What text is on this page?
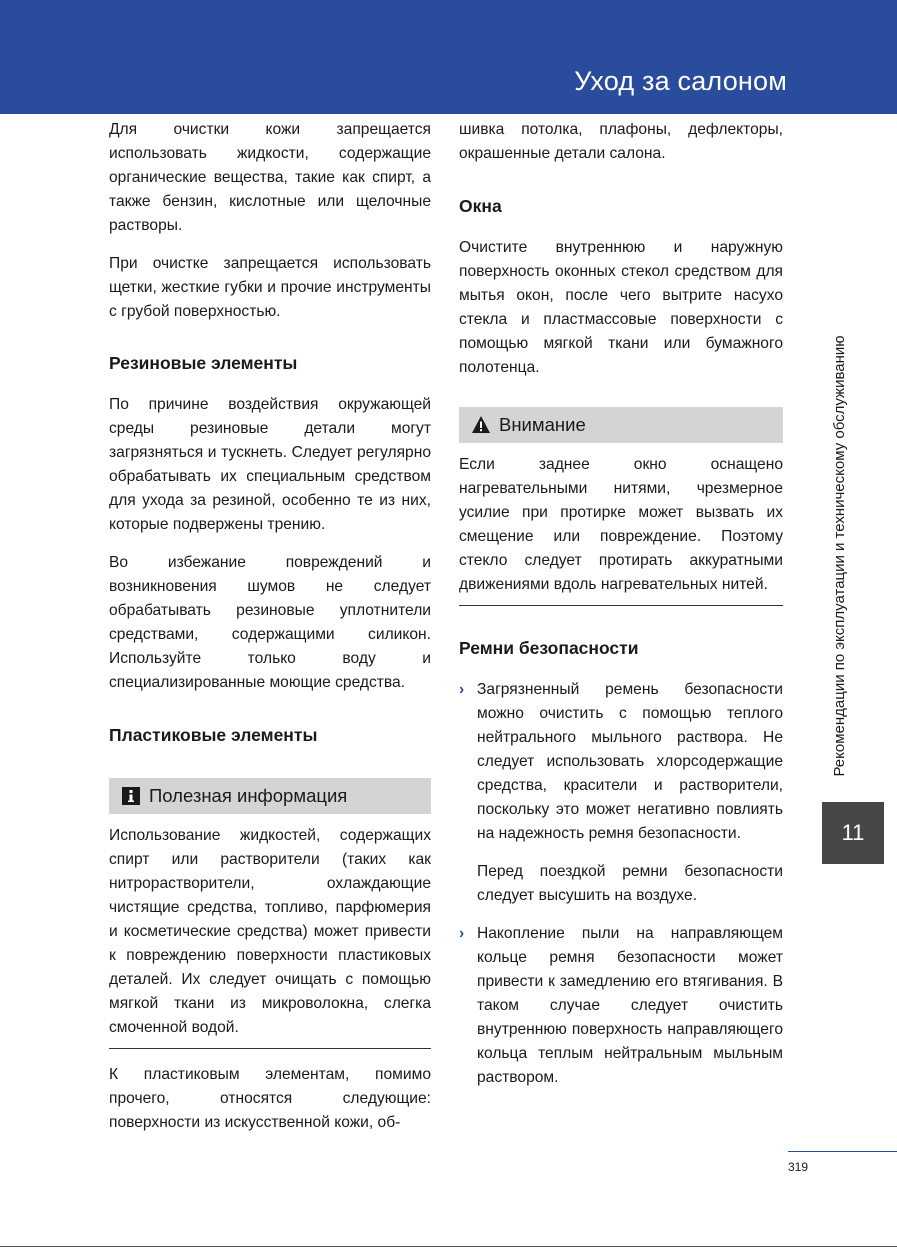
Уход за салоном

Для очистки кожи запрещается использовать жидкости, содержащие органические вещества, такие как спирт, а также бензин, кислотные или щелочные растворы.

При очистке запрещается использовать щетки, жесткие губки и прочие инструменты с грубой поверхностью.

Резиновые элементы

По причине воздействия окружающей среды резиновые детали могут загрязняться и тускнеть. Следует регулярно обрабатывать их специальным средством для ухода за резиной, особенно те из них, которые подвержены трению.

Во избежание повреждений и возникновения шумов не следует обрабатывать резиновые уплотнители средствами, содержащими силикон. Используйте только воду и специализированные моющие средства.

Пластиковые элементы
Полезная информация

Использование жидкостей, содержащих спирт или растворители (таких как нитрорастворители, охлаждающие чистящие средства, топливо, парфюмерия и косметические средства) может привести к повреждению поверхности пластиковых деталей. Их следует очищать с помощью мягкой ткани из микроволокна, слегка смоченной водой.

К пластиковым элементам, помимо прочего, относятся следующие: поверхности из искусственной кожи, об-

шивка потолка, плафоны, дефлекторы, окрашенные детали салона.

Окна

Очистите внутреннюю и наружную поверхность оконных стекол средством для мытья окон, после чего вытрите насухо стекла и пластмассовые поверхности с помощью мягкой ткани или бумажного полотенца.

Внимание

Если заднее окно оснащено нагревательными нитями, чрезмерное усилие при протирке может вызвать их смещение или повреждение. Поэтому стекло следует протирать аккуратными движениями вдоль нагревательных нитей.

Ремни безопасности
› Загрязненный ремень безопасности можно очистить с помощью теплого нейтрального мыльного раствора. Не следует использовать хлорсодержащие средства, красители и растворители, поскольку это может негативно повлиять на надежность ремня безопасности.

Перед поездкой ремни безопасности следует высушить на воздухе.

› Накопление пыли на направляющем кольце ремня безопасности может привести к замедлению его втягивания. В таком случае следует очистить внутреннюю поверхность направляющего кольца теплым нейтральным мыльным раствором.

Рекомендации по эксплуатации и техническому обслуживанию
11
319
